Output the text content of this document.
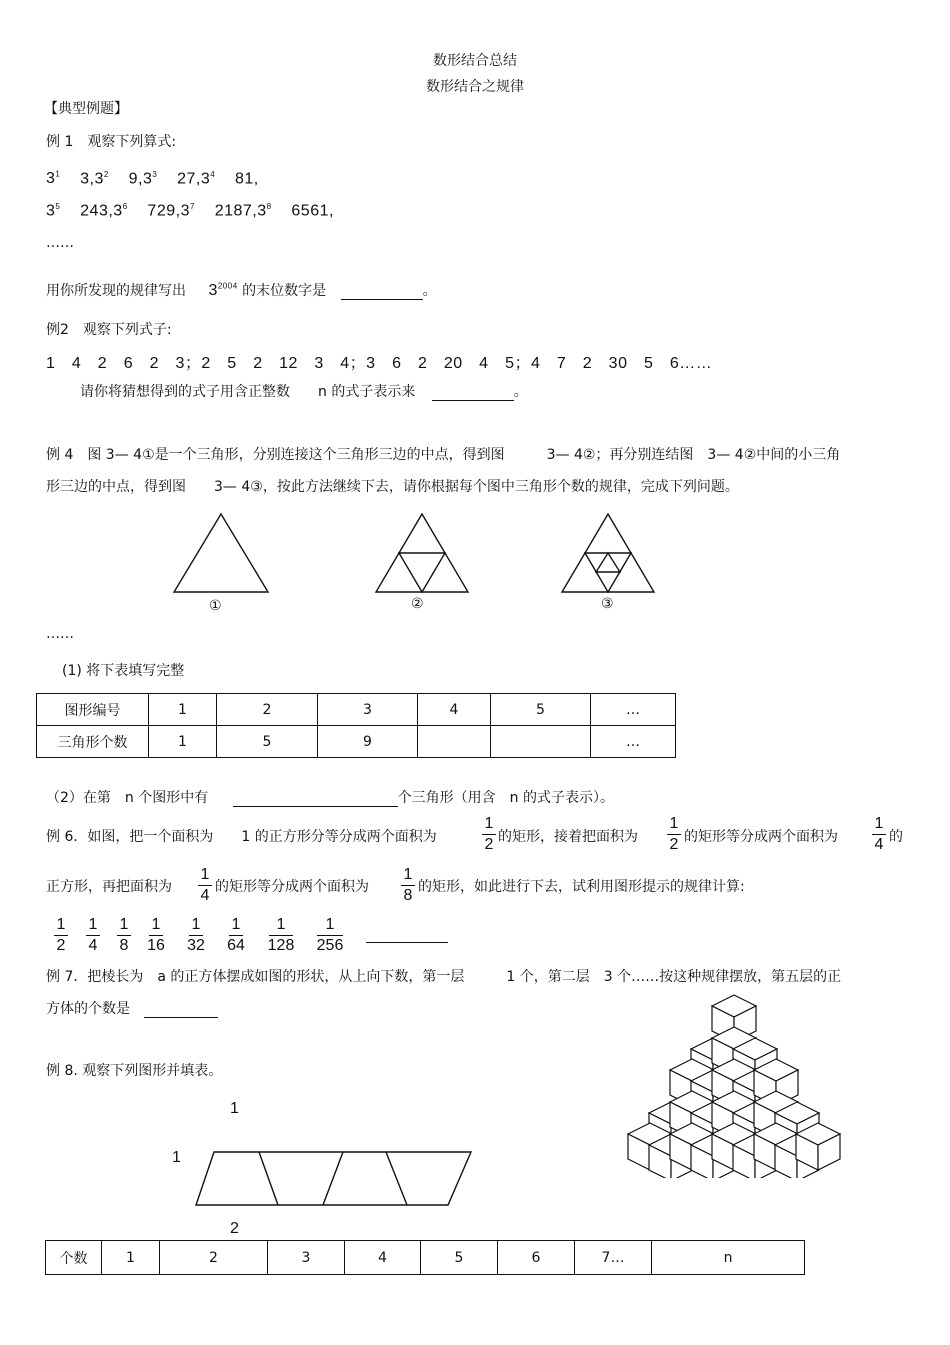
数形结合总结
数形结合之规律
【典型例题】
例 1　观察下列算式:
$3^1$ $3,3^2$ $9,3^3$ 27,3$^4$ 81,
$3^5$ 243,3$^6$ 729,3$^7$ 2187,3$^8$ 6561,
……
用你所发现的规律写出 $3^{2004}$ 的末位数字是	。
例2　观察下列式子:
1　4　2　6　2　3；2　5　2　12　3　4；3　6　2　20　4　5；4　7　2　30　5　6……
请你将猜想得到的式子用含正整数　　n 的式子表示来	。
例 4　图 3— 4①是一个三角形，分别连接这个三角形三边的中点，得到图　　　3— 4②；再分别连结图　3— 4②中间的小三角
形三边的中点，得到图　　3— 4③，按此方法继续下去，请你根据每个图中三角形个数的规律，完成下列问题。
①	②	③
……
(1) 将下表填写完整
图形编号	1	2	3	4	5	…
三角形个数	1	5	9			…
（2）在第　n 个图形中有	个三角形（用含　n 的式子表示）。
例 6．如图，把一个面积为　　1 的正方形分等分成两个面积为
1
2 的矩形，接着把面积为
1
2 的矩形等分成两个面积为
1
4 的
正方形，再把面积为
1
4 的矩形等分成两个面积为
1
8 的矩形，如此进行下去，试利用图形提示的规律计算:
1
2
1
4
1
8
1
16
1
32
1
64
1
128
1
256
例 7．把棱长为　a 的正方体摆成如图的形状，从上向下数，第一层　　　1 个，第二层　3 个……按这种规律摆放，第五层的正
方体的个数是
例 8. 观察下列图形并填表。
1
1
2
个数	1	2	3	4	5	6	7…	n
